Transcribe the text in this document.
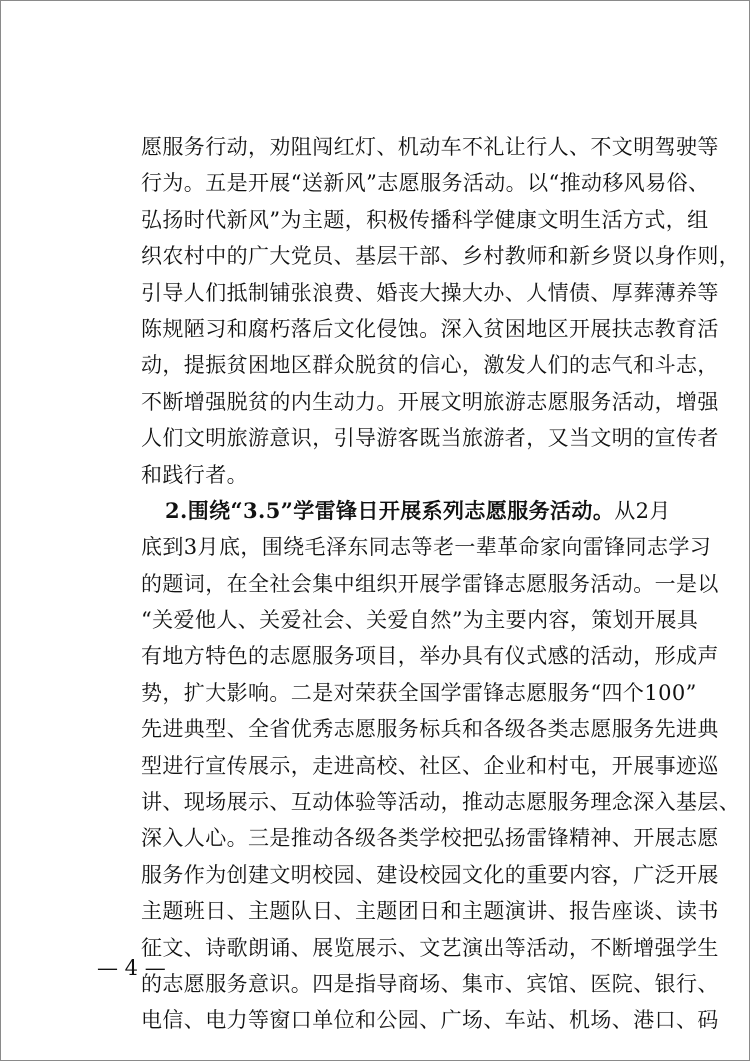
愿服务行动，劝阻闯红灯、机动车不礼让行人、不文明驾驶等
行为。五是开展“送新风”志愿服务活动。以“推动移风易俗、
弘扬时代新风”为主题，积极传播科学健康文明生活方式，组
织农村中的广大党员、基层干部、乡村教师和新乡贤以身作则，
引导人们抵制铺张浪费、婚丧大操大办、人情债、厚葬薄养等
陈规陋习和腐朽落后文化侵蚀。深入贫困地区开展扶志教育活
动，提振贫困地区群众脱贫的信心，激发人们的志气和斗志，
不断增强脱贫的内生动力。开展文明旅游志愿服务活动，增强
人们文明旅游意识，引导游客既当旅游者，又当文明的宣传者
和践行者。
2.围绕“3.5”学雷锋日开展系列志愿服务活动。从2月
底到3月底，围绕毛泽东同志等老一辈革命家向雷锋同志学习
的题词，在全社会集中组织开展学雷锋志愿服务活动。一是以
“关爱他人、关爱社会、关爱自然”为主要内容，策划开展具
有地方特色的志愿服务项目，举办具有仪式感的活动，形成声
势，扩大影响。二是对荣获全国学雷锋志愿服务“四个100”
先进典型、全省优秀志愿服务标兵和各级各类志愿服务先进典
型进行宣传展示，走进高校、社区、企业和村屯，开展事迹巡
讲、现场展示、互动体验等活动，推动志愿服务理念深入基层、
深入人心。三是推动各级各类学校把弘扬雷锋精神、开展志愿
服务作为创建文明校园、建设校园文化的重要内容，广泛开展
主题班日、主题队日、主题团日和主题演讲、报告座谈、读书
征文、诗歌朗诵、展览展示、文艺演出等活动，不断增强学生
的志愿服务意识。四是指导商场、集市、宾馆、医院、银行、
电信、电力等窗口单位和公园、广场、车站、机场、港口、码
— 4 —
